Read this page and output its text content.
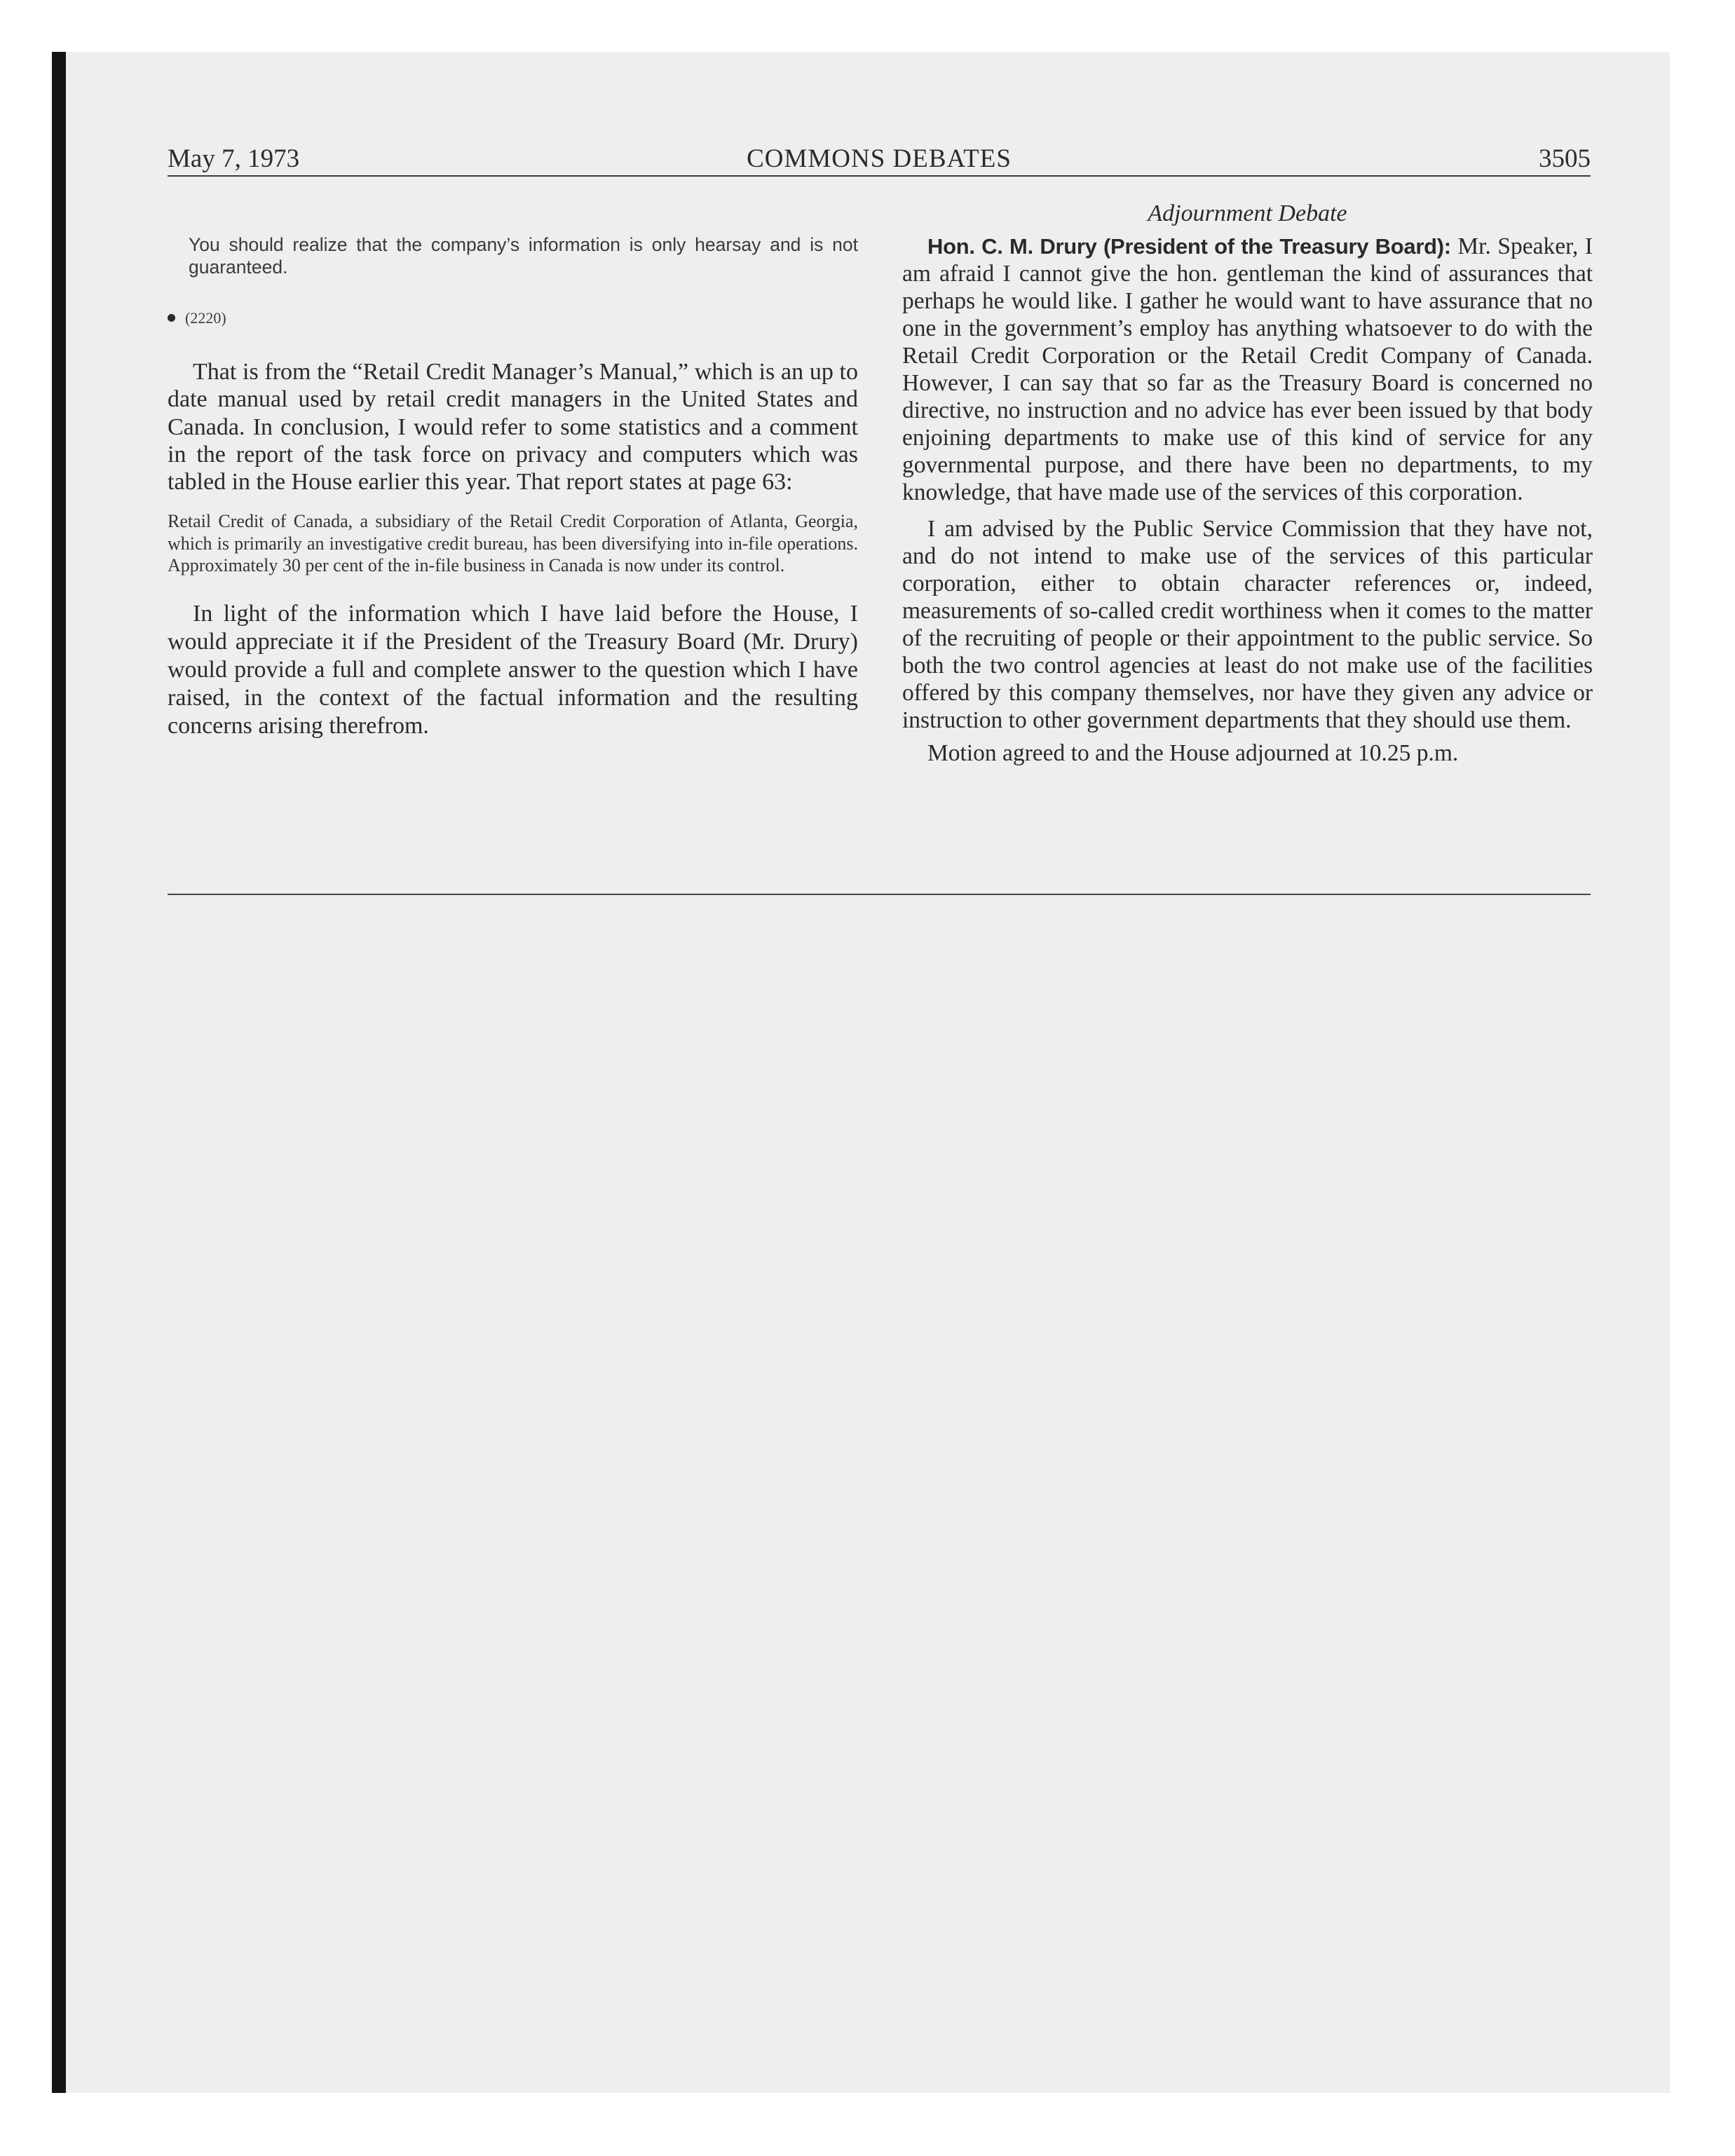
May 7, 1973	COMMONS DEBATES	3505

You should realize that the company’s information is only hearsay and is not guaranteed.

(2220)

That is from the “Retail Credit Manager’s Manual,” which is an up to date manual used by retail credit managers in the United States and Canada. In conclusion, I would refer to some statistics and a comment in the report of the task force on privacy and computers which was tabled in the House earlier this year. That report states at page 63:

Retail Credit of Canada, a subsidiary of the Retail Credit Corporation of Atlanta, Georgia, which is primarily an investigative credit bureau, has been diversifying into in-file operations. Approximately 30 per cent of the in-file business in Canada is now under its control.

In light of the information which I have laid before the House, I would appreciate it if the President of the Treasury Board (Mr. Drury) would provide a full and complete answer to the question which I have raised, in the context of the factual information and the resulting concerns arising therefrom.

Adjournment Debate

Hon. C. M. Drury (President of the Treasury Board): Mr. Speaker, I am afraid I cannot give the hon. gentleman the kind of assurances that perhaps he would like. I gather he would want to have assurance that no one in the government’s employ has anything whatsoever to do with the Retail Credit Corporation or the Retail Credit Company of Canada. However, I can say that so far as the Treasury Board is concerned no directive, no instruction and no advice has ever been issued by that body enjoining departments to make use of this kind of service for any governmental purpose, and there have been no departments, to my knowledge, that have made use of the services of this corporation.

I am advised by the Public Service Commission that they have not, and do not intend to make use of the services of this particular corporation, either to obtain character references or, indeed, measurements of so-called credit worthiness when it comes to the matter of the recruiting of people or their appointment to the public service. So both the two control agencies at least do not make use of the facilities offered by this company themselves, nor have they given any advice or instruction to other government departments that they should use them.

Motion agreed to and the House adjourned at 10.25 p.m.
